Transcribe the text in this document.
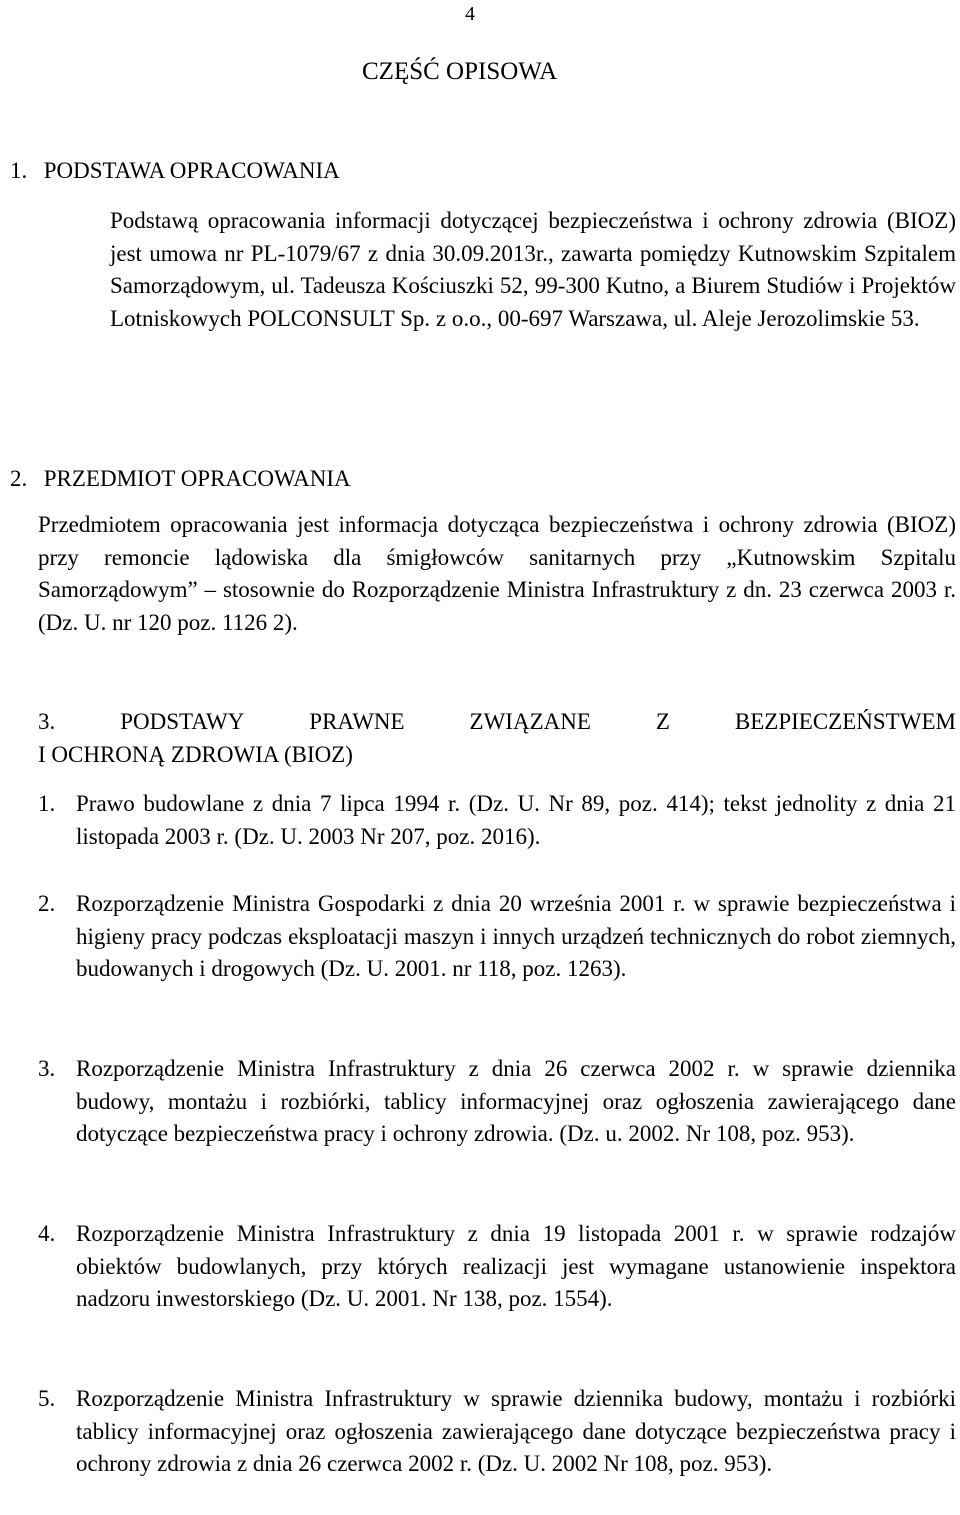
4
CZĘŚĆ OPISOWA
1. PODSTAWA OPRACOWANIA

Podstawą opracowania informacji dotyczącej bezpieczeństwa i ochrony zdrowia (BIOZ) jest umowa nr PL-1079/67 z dnia 30.09.2013r., zawarta pomiędzy Kutnowskim Szpitalem Samorządowym, ul. Tadeusza Kościuszki 52, 99-300 Kutno, a Biurem Studiów i Projektów Lotniskowych POLCONSULT Sp. z o.o., 00-697 Warszawa, ul. Aleje Jerozolimskie 53.

2. PRZEDMIOT OPRACOWANIA

Przedmiotem opracowania jest informacja dotycząca bezpieczeństwa i ochrony zdrowia (BIOZ) przy remoncie lądowiska dla śmigłowców sanitarnych przy „Kutnowskim Szpitalu Samorządowym” – stosownie do Rozporządzenie Ministra Infrastruktury z dn. 23 czerwca 2003 r. (Dz. U. nr 120 poz. 1126 2).

3.	PODSTAWY	PRAWNE	ZWIĄZANE	Z	BEZPIECZEŃSTWEM
I OCHRONĄ ZDROWIA (BIOZ)
1. Prawo budowlane z dnia 7 lipca 1994 r. (Dz. U. Nr 89, poz. 414); tekst jednolity z dnia 21 listopada 2003 r. (Dz. U. 2003 Nr 207, poz. 2016).
2. Rozporządzenie Ministra Gospodarki z dnia 20 września 2001 r. w sprawie bezpieczeństwa i higieny pracy podczas eksploatacji maszyn i innych urządzeń technicznych do robot ziemnych, budowanych i drogowych (Dz. U. 2001. nr 118, poz. 1263).
3. Rozporządzenie Ministra Infrastruktury z dnia 26 czerwca 2002 r. w sprawie dziennika budowy, montażu i rozbiórki, tablicy informacyjnej oraz ogłoszenia zawierającego dane dotyczące bezpieczeństwa pracy i ochrony zdrowia. (Dz. u. 2002. Nr 108, poz. 953).
4. Rozporządzenie Ministra Infrastruktury z dnia 19 listopada 2001 r. w sprawie rodzajów obiektów budowlanych, przy których realizacji jest wymagane ustanowienie inspektora nadzoru inwestorskiego (Dz. U. 2001. Nr 138, poz. 1554).
5. Rozporządzenie Ministra Infrastruktury w sprawie dziennika budowy, montażu i rozbiórki tablicy informacyjnej oraz ogłoszenia zawierającego dane dotyczące bezpieczeństwa pracy i ochrony zdrowia z dnia 26 czerwca 2002 r. (Dz. U. 2002 Nr 108, poz. 953).
